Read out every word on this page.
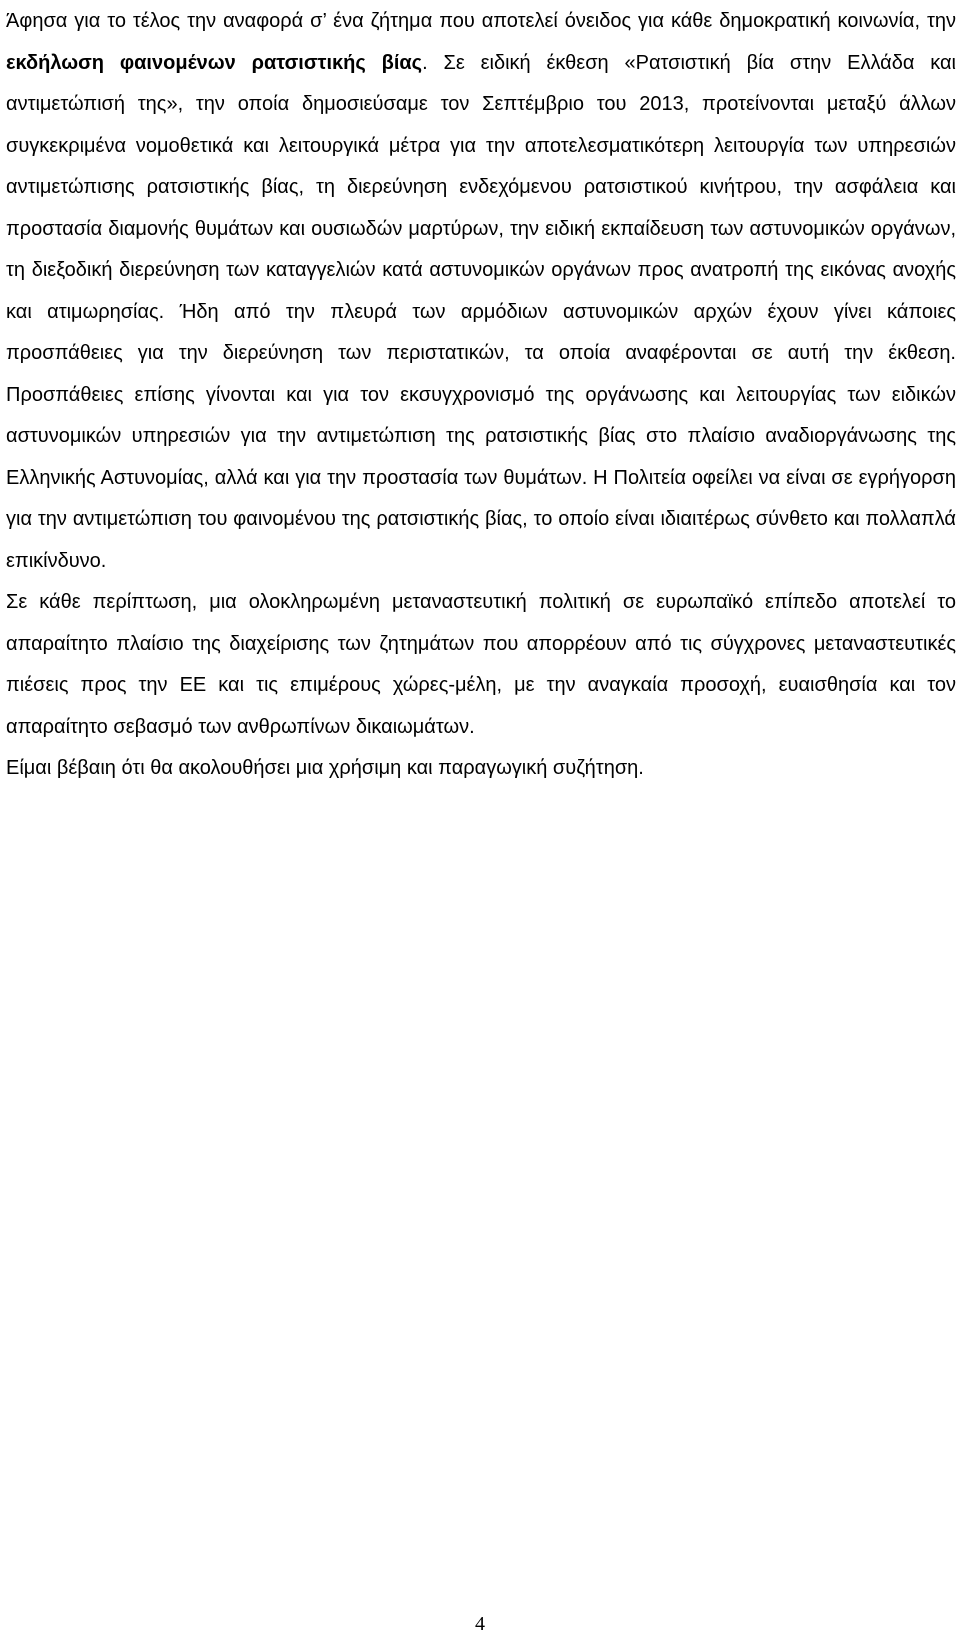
Άφησα για το τέλος την αναφορά σ’ ένα ζήτημα που αποτελεί όνειδος για κάθε δημοκρατική κοινωνία, την εκδήλωση φαινομένων ρατσιστικής βίας. Σε ειδική έκθεση «Ρατσιστική βία στην Ελλάδα και αντιμετώπισή της», την οποία δημοσιεύσαμε τον Σεπτέμβριο του 2013, προτείνονται μεταξύ άλλων συγκεκριμένα νομοθετικά και λειτουργικά μέτρα για την αποτελεσματικότερη λειτουργία των υπηρεσιών αντιμετώπισης ρατσιστικής βίας, τη διερεύνηση ενδεχόμενου ρατσιστικού κινήτρου, την ασφάλεια και προστασία διαμονής θυμάτων και ουσιωδών μαρτύρων, την ειδική εκπαίδευση των αστυνομικών οργάνων, τη διεξοδική διερεύνηση των καταγγελιών κατά αστυνομικών οργάνων προς ανατροπή της εικόνας ανοχής και ατιμωρησίας. Ήδη από την πλευρά των αρμόδιων αστυνομικών αρχών έχουν γίνει κάποιες προσπάθειες για την διερεύνηση των περιστατικών, τα οποία αναφέρονται σε αυτή την έκθεση. Προσπάθειες επίσης γίνονται και για τον εκσυγχρονισμό της οργάνωσης και λειτουργίας των ειδικών αστυνομικών υπηρεσιών για την αντιμετώπιση της ρατσιστικής βίας στο πλαίσιο αναδιοργάνωσης της Ελληνικής Αστυνομίας, αλλά και για την προστασία των θυμάτων. Η Πολιτεία οφείλει να είναι σε εγρήγορση για την αντιμετώπιση του φαινομένου της ρατσιστικής βίας, το οποίο είναι ιδιαιτέρως σύνθετο και πολλαπλά επικίνδυνο.

Σε κάθε περίπτωση, μια ολοκληρωμένη μεταναστευτική πολιτική σε ευρωπαϊκό επίπεδο αποτελεί το απαραίτητο πλαίσιο της διαχείρισης των ζητημάτων που απορρέουν από τις σύγχρονες μεταναστευτικές πιέσεις προς την ΕΕ και τις επιμέρους χώρες-μέλη, με την αναγκαία προσοχή, ευαισθησία και τον απαραίτητο σεβασμό των ανθρωπίνων δικαιωμάτων.

Είμαι βέβαιη ότι θα ακολουθήσει μια χρήσιμη και παραγωγική συζήτηση.

4
